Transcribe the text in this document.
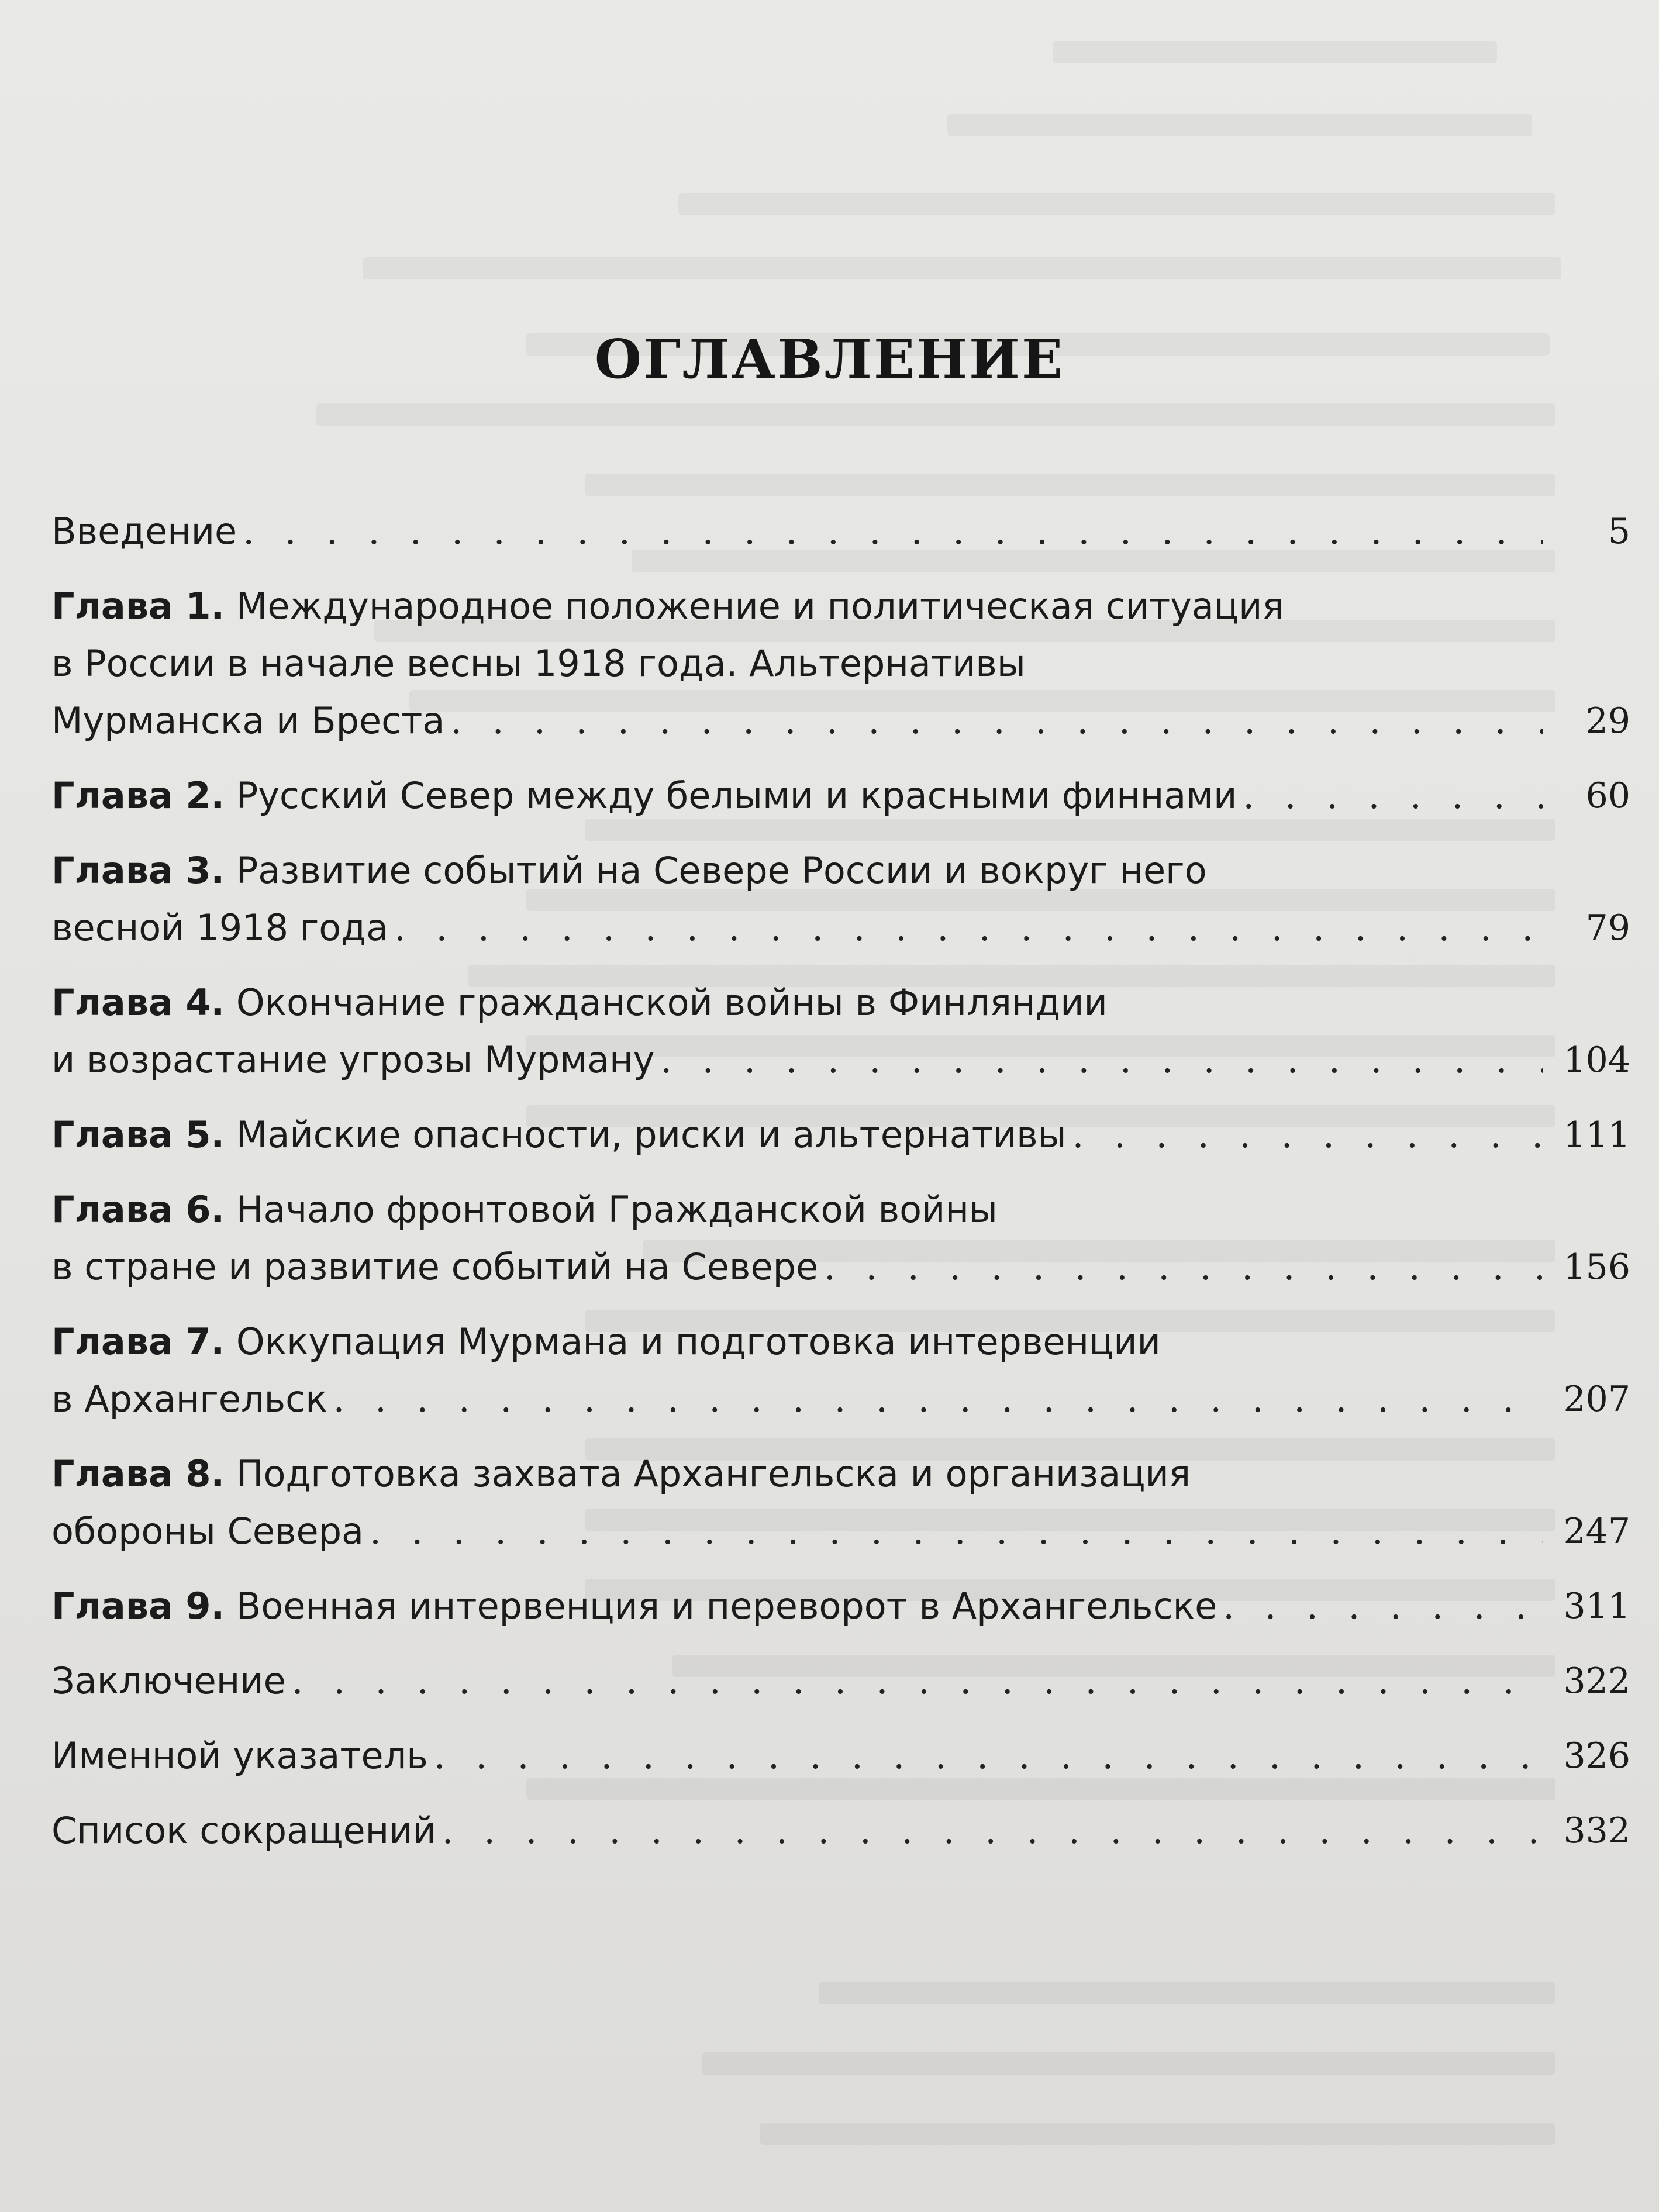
ОГЛАВЛЕНИЕ
Введение . . .	5
Глава 1. Международное положение и политическая ситуация
в России в начале весны 1918 года. Альтернативы
Мурманска и Бреста . . .	29
Глава 2.
Русский Север между белыми и красными финнами . . .	60
Глава 3. Развитие событий на Севере России и вокруг него
весной 1918 года . . .	79
Глава 4. Окончание гражданской войны в Финляндии
и возрастание угрозы Мурману . . .	104
Глава 5.
Майские опасности, риски и альтернативы . . .	111
Глава 6. Начало фронтовой Гражданской войны
в стране и развитие событий на Севере . . .	156
Глава 7. Оккупация Мурмана и подготовка интервенции
в Архангельск . . .	207
Глава 8. Подготовка захвата Архангельска и организация
обороны Севера . . .	247
Глава 9.
Военная интервенция и переворот в Архангельске . . .	311
Заключение . . .	322
Именной указатель . . .	326
Список сокращений . . .	332
